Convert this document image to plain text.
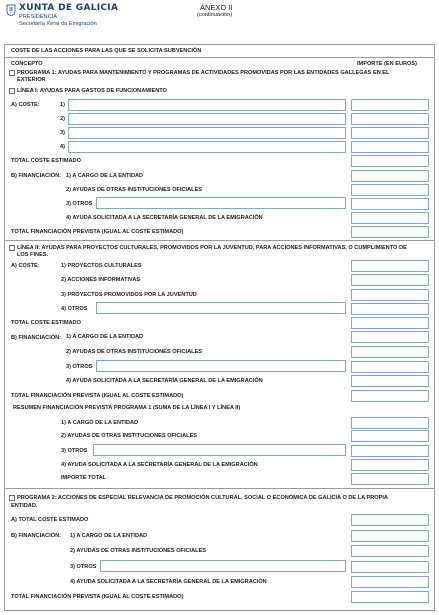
XUNTA DE GALICIA
PRESIDENCIA
Secretaría Xeral da Emigración
ANEXO II
(continuación)
COSTE DE LAS ACCIONES PARA LAS QUE SE SOLICITA SUBVENCIÓN
CONCEPTO	IMPORTE (EN EUROS)
PROGRAMA 1: AYUDAS PARA MANTENIMIENTO Y PROGRAMAS DE ACTIVIDADES PROMOVIDAS POR LAS ENTIDADES GALLEGAS EN EL
EXTERIOR
LÍNEA I: AYUDAS PARA GASTOS DE FUNCIONAMIENTO
A) COSTE:	1)
2)
3)
4)
TOTAL COSTE ESTIMADO
B) FINANCIACIÓN: 1) A CARGO DE LA ENTIDAD
2) AYUDAS DE OTRAS INSTITUCIONES OFICIALES
3) OTROS
4) AYUDA SOLICITADA A LA SECRETARÍA GENERAL DE LA EMIGRACIÓN
TOTAL FINANCIACIÓN PREVISTA (IGUAL AL COSTE ESTIMADO)
LÍNEA II: AYUDAS PARA PROYECTOS CULTURALES, PROMOVIDOS POR LA JUVENTUD, PARA ACCIONES INFORMATIVAS, O CUMPLIMIENTO DE
LOS FINES.
A) COSTE:	1) PROYECTOS CULTURALES
2) ACCIONES INFORMATIVAS
3) PROYECTOS PROMOVIDOS POR LA JUVENTUD
4) OTROS
TOTAL COSTE ESTIMADO
B) FINANCIACIÓN: 1) A CARGO DE LA ENTIDAD
2) AYUDAS DE OTRAS INSTITUCIONES OFICIALES
3) OTROS
4) AYUDA SOLICITADA A LA SECRETARÍA GENERAL DE LA EMIGRACIÓN
TOTAL FINANCIACIÓN PREVISTA (IGUAL AL COSTE ESTIMADO)
RESUMEN FINANCIACIÓN PREVISTA PROGRAMA 1 (SUMA DE LA LÍNEA I Y LÍNEA II)
1) A CARGO DE LA ENTIDAD
2) AYUDAS DE OTRAS INSTITUCIONES OFICIALES
3) OTROS
4) AYUDA SOLICITADA A LA SECRETARÍA GENERAL DE LA EMIGRACIÓN
IMPORTE TOTAL
PROGRAMA 2: ACCIONES DE ESPECIAL RELEVANCIA DE PROMOCIÓN CULTURAL, SOCIAL O ECONÓMICA DE GALICIA O DE LA PROPIA
ENTIDAD.
A) TOTAL COSTE ESTIMADO
B) FINANCIACIÓN: 1) A CARGO DE LA ENTIDAD
2) AYUDAS DE OTRAS INSTITUCIONES OFICIALES
3) OTROS
4) AYUDA SOLICITADA A LA SECRETARÍA GENERAL DE LA EMIGRACIÓN
TOTAL FINANCIACIÓN PREVISTA (IGUAL AL COSTE ESTIMADO)
